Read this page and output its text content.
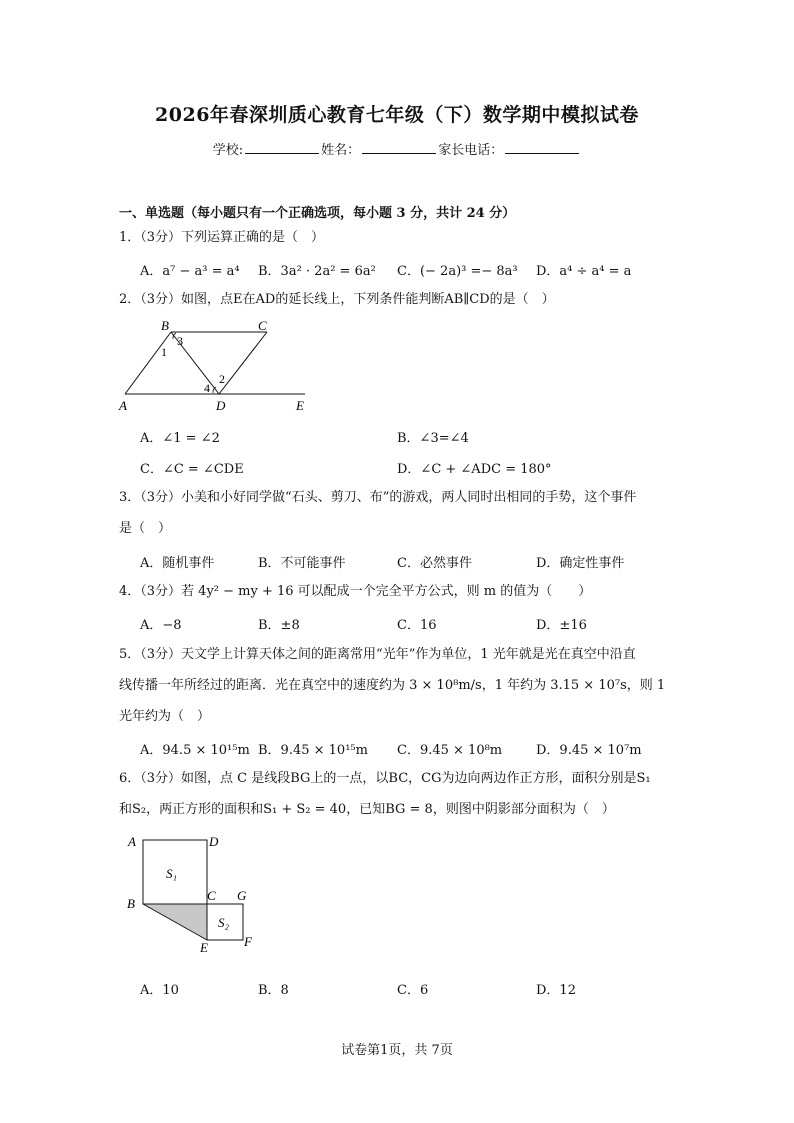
2026年春深圳质心教育七年级（下）数学期中模拟试卷
学校:	姓名：	家长电话：
一、单选题（每小题只有一个正确选项，每小题 3 分，共计 24 分）
1．（3分）下列运算正确的是（　）
A．a⁷ − a³ = a⁴ B．3a² · 2a² = 6a² C．(− 2a)³ =− 8a³ D．a⁴ ÷ a⁴ = a
2．（3分）如图，点E在AD的延长线上，下列条件能判断AB∥CD的是（　）
B	C
A	D	E
3
1
2
4
A．∠1 = ∠2	B．∠3=∠4
C．∠C = ∠CDE	D．∠C + ∠ADC = 180°
3．（3分）小美和小好同学做“石头、剪刀、布”的游戏，两人同时出相同的手势，这个事件
是（　）
A．随机事件	B．不可能事件	C．必然事件	D．确定性事件
4．（3分）若 4y² − my + 16 可以配成一个完全平方公式，则 m 的值为（　　）
A．−8	B．±8	C．16	D．±16
5．（3分）天文学上计算天体之间的距离常用“光年”作为单位，1 光年就是光在真空中沿直
线传播一年所经过的距离．光在真空中的速度约为 3 × 10⁸m/s，1 年约为 3.15 × 10⁷s，则 1
光年约为（　）
A．94.5 × 10¹⁵m B．9.45 × 10¹⁵m C．9.45 × 10⁸m	D．9.45 × 10⁷m
6．（3分）如图，点 C 是线段BG上的一点，以BC，CG为边向两边作正方形，面积分别是S₁
和S₂，两正方形的面积和S₁ + S₂ = 40，已知BG = 8，则图中阴影部分面积为（　）
A	D
B
C G
E	F
S₁
S₂
A．10	B．8	C．6	D．12
试卷第1页，共 7页
